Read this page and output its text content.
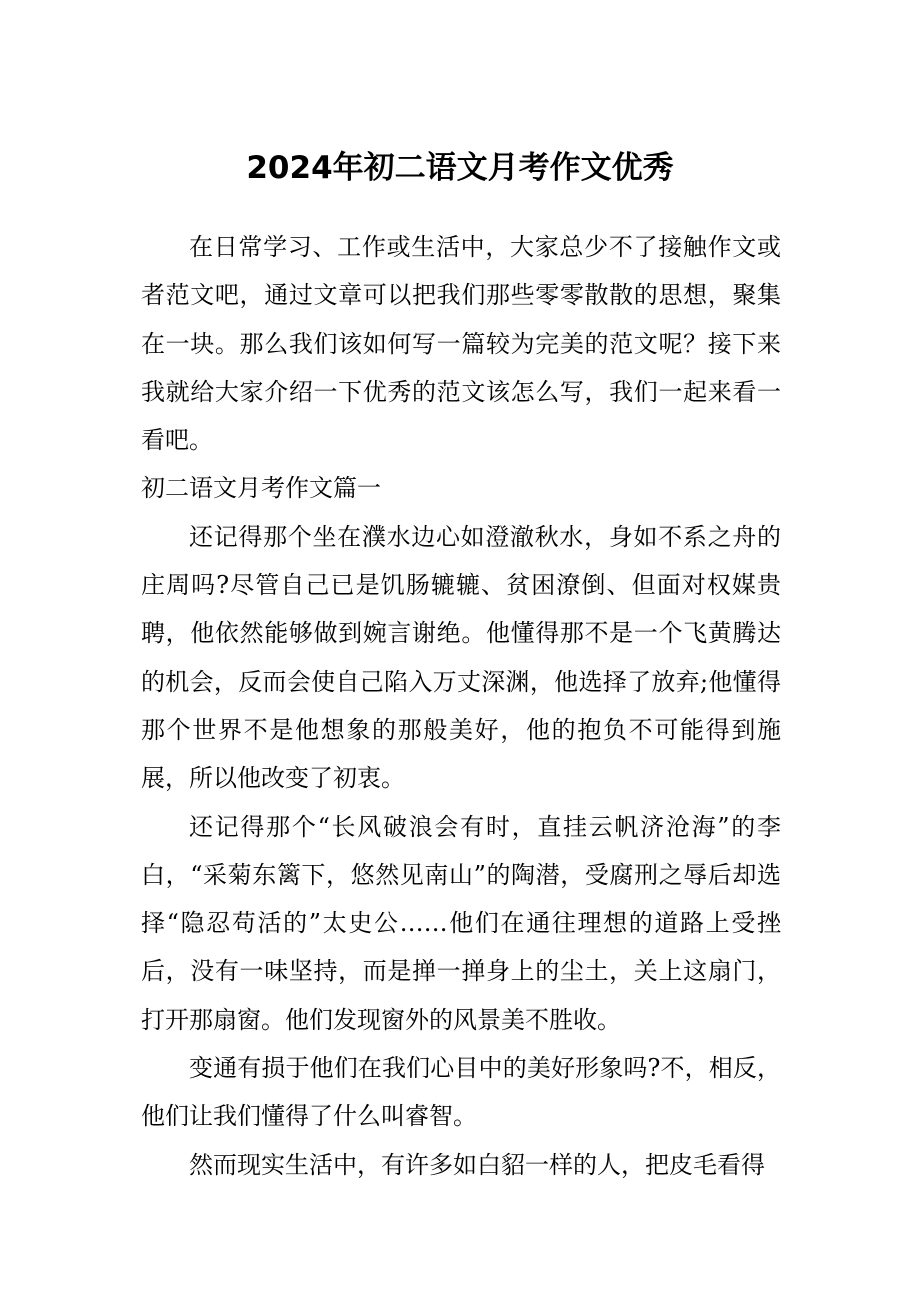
2024年初二语文月考作文优秀

在日常学习、工作或生活中，大家总少不了接触作文或者范文吧，通过文章可以把我们那些零零散散的思想，聚集在一块。那么我们该如何写一篇较为完美的范文呢？接下来我就给大家介绍一下优秀的范文该怎么写，我们一起来看一看吧。

初二语文月考作文篇一

还记得那个坐在濮水边心如澄澈秋水，身如不系之舟的庄周吗?尽管自己已是饥肠辘辘、贫困潦倒、但面对权媒贵聘，他依然能够做到婉言谢绝。他懂得那不是一个飞黄腾达的机会，反而会使自己陷入万丈深渊，他选择了放弃;他懂得那个世界不是他想象的那般美好，他的抱负不可能得到施展，所以他改变了初衷。

还记得那个“长风破浪会有时，直挂云帆济沧海”的李白，“采菊东篱下，悠然见南山”的陶潜，受腐刑之辱后却选择“隐忍苟活的”太史公……他们在通往理想的道路上受挫后，没有一味坚持，而是掸一掸身上的尘土，关上这扇门，打开那扇窗。他们发现窗外的风景美不胜收。

变通有损于他们在我们心目中的美好形象吗?不，相反，他们让我们懂得了什么叫睿智。

然而现实生活中，有许多如白貂一样的人，把皮毛看得
